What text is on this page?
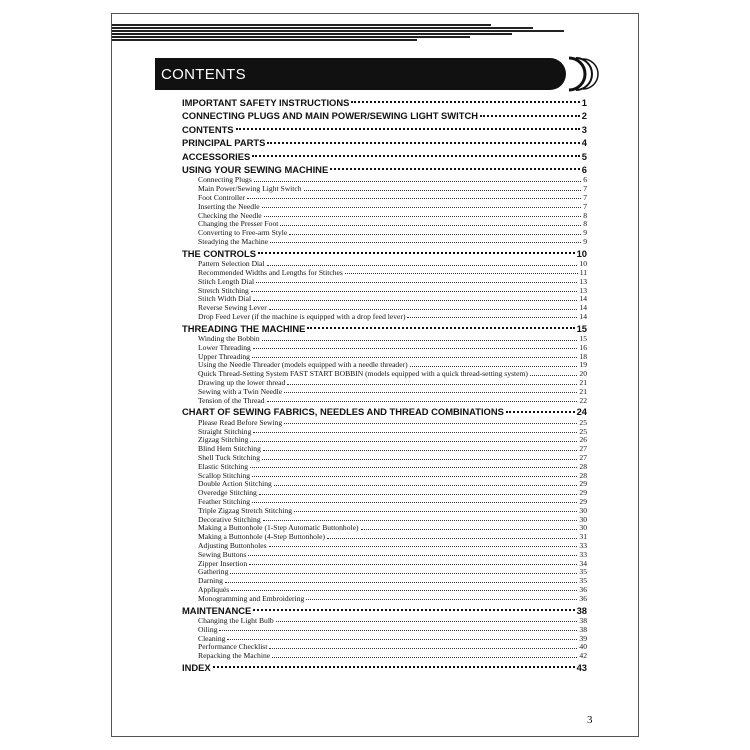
CONTENTS
IMPORTANT SAFETY INSTRUCTIONS	1
CONNECTING PLUGS AND MAIN POWER/SEWING LIGHT SWITCH	2
CONTENTS	3
PRINCIPAL PARTS	4
ACCESSORIES	5
USING YOUR SEWING MACHINE	6
Connecting Plugs	6
Main Power/Sewing Light Switch	7
Foot Controller	7
Inserting the Needle	7
Checking the Needle	8
Changing the Presser Foot	8
Converting to Free-arm Style	9
Steadying the Machine	9
THE CONTROLS	10
Pattern Selection Dial	10
Recommended Widths and Lengths for Stitches	11
Stitch Length Dial	13
Stretch Stitching	13
Stitch Width Dial	14
Reverse Sewing Lever	14
Drop Feed Lever (if the machine is equipped with a drop feed lever)	14
THREADING THE MACHINE	15
Winding the Bobbin	15
Lower Threading	16
Upper Threading	18
Using the Needle Threader (models equipped with a needle threader)	19
Quick Thread-Setting System FAST START BOBBIN (models equipped with a quick thread-setting system)	20
Drawing up the lower thread	21
Sewing with a Twin Needle	21
Tension of the Thread	22
CHART OF SEWING FABRICS, NEEDLES AND THREAD COMBINATIONS	24
Please Read Before Sewing	25
Straight Stitching	25
Zigzag Stitching	26
Blind Hem Stitching	27
Shell Tuck Stitching	27
Elastic Stitching	28
Scallop Stitching	28
Double Action Stitching	29
Overedge Stitching	29
Feather Stitching	29
Triple Zigzag Stretch Stitching	30
Decorative Stitching	30
Making a Buttonhole (1-Step Automatic Buttonhole)	30
Making a Buttonhole (4-Step Buttonhole)	31
Adjusting Buttonholes	33
Sewing Buttons	33
Zipper Insertion	34
Gathering	35
Darning	35
Appliqués	36
Monogramming and Embroidering	36
MAINTENANCE	38
Changing the Light Bulb	38
Oiling	38
Cleaning	39
Performance Checklist	40
Repacking the Machine	42
INDEX	43
3
